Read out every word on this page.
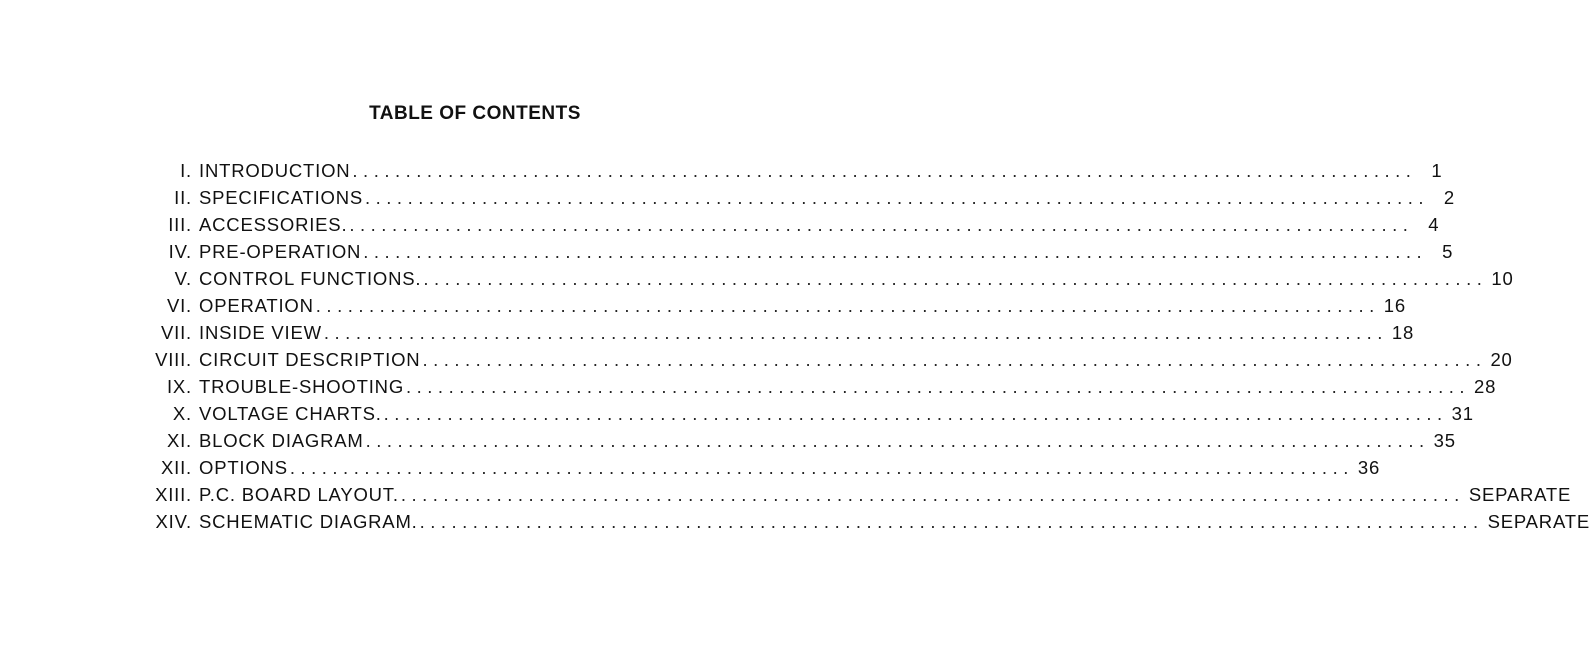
TABLE OF CONTENTS
I. INTRODUCTION .................................................................................................... 1
II. SPECIFICATIONS .................................................................................................... 2
III. ACCESSORIES. .................................................................................................... 4
IV. PRE-OPERATION .................................................................................................... 5
V. CONTROL FUNCTIONS. .................................................................................................... 10
VI. OPERATION .................................................................................................... 16
VII. INSIDE VIEW .................................................................................................... 18
VIII. CIRCUIT DESCRIPTION .................................................................................................... 20
IX. TROUBLE-SHOOTING .................................................................................................... 28
X. VOLTAGE CHARTS. .................................................................................................... 31
XI. BLOCK DIAGRAM .................................................................................................... 35
XII. OPTIONS .................................................................................................... 36
XIII. P.C. BOARD LAYOUT. .................................................................................................... SEPARATE
XIV. SCHEMATIC DIAGRAM. .................................................................................................... SEPARATE
